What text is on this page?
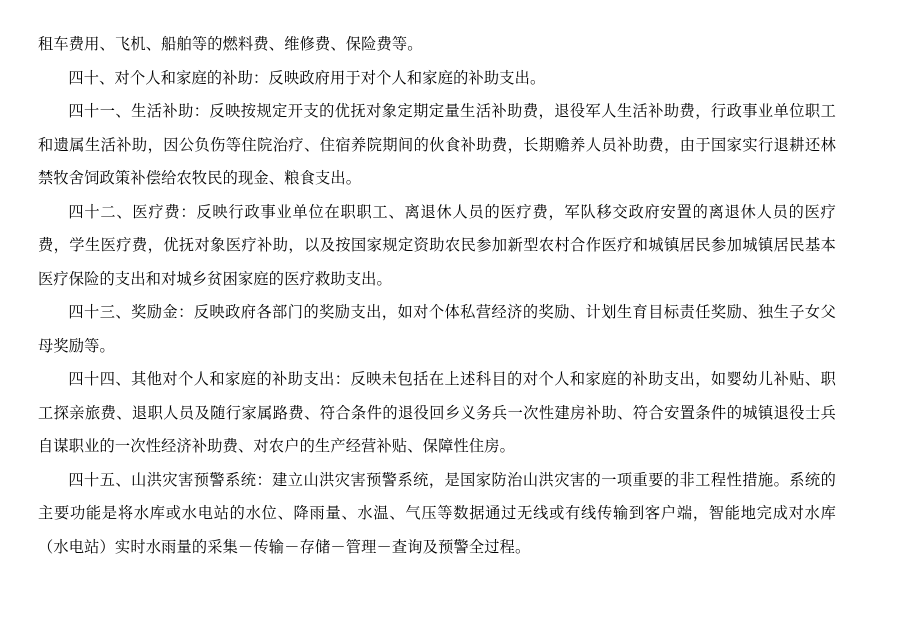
租车费用、飞机、船舶等的燃料费、维修费、保险费等。

四十、对个人和家庭的补助：反映政府用于对个人和家庭的补助支出。

四十一、生活补助：反映按规定开支的优抚对象定期定量生活补助费，退役军人生活补助费，行政事业单位职工和遗属生活补助，因公负伤等住院治疗、住宿养院期间的伙食补助费，长期赡养人员补助费，由于国家实行退耕还林禁牧舍饲政策补偿给农牧民的现金、粮食支出。

四十二、医疗费：反映行政事业单位在职职工、离退休人员的医疗费，军队移交政府安置的离退休人员的医疗费，学生医疗费，优抚对象医疗补助，以及按国家规定资助农民参加新型农村合作医疗和城镇居民参加城镇居民基本医疗保险的支出和对城乡贫困家庭的医疗救助支出。

四十三、奖励金：反映政府各部门的奖励支出，如对个体私营经济的奖励、计划生育目标责任奖励、独生子女父母奖励等。

四十四、其他对个人和家庭的补助支出：反映未包括在上述科目的对个人和家庭的补助支出，如婴幼儿补贴、职工探亲旅费、退职人员及随行家属路费、符合条件的退役回乡义务兵一次性建房补助、符合安置条件的城镇退役士兵自谋职业的一次性经济补助费、对农户的生产经营补贴、保障性住房。

四十五、山洪灾害预警系统：建立山洪灾害预警系统，是国家防治山洪灾害的一项重要的非工程性措施。系统的主要功能是将水库或水电站的水位、降雨量、水温、气压等数据通过无线或有线传输到客户端，智能地完成对水库（水电站）实时水雨量的采集－传输－存储－管理－查询及预警全过程。
